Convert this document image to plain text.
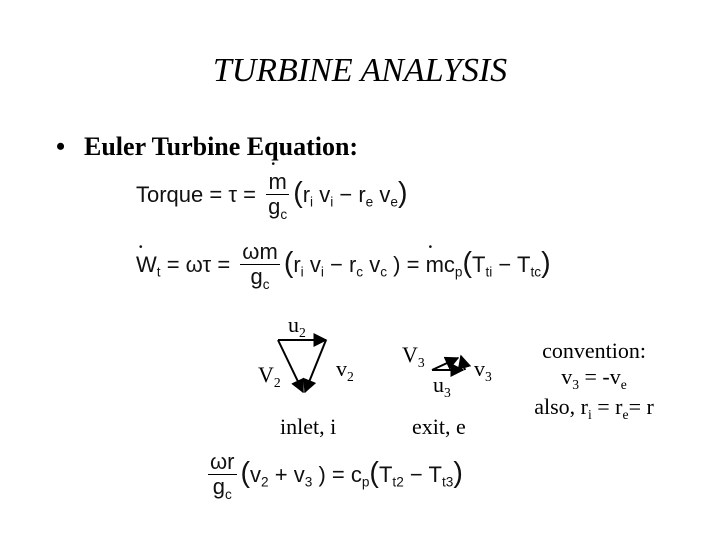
TURBINE ANALYSIS
• Euler Turbine Equation:
Torque = $\tau = \frac{m •}{g_c} (r_i$ $v_i - r_e$ $v_e$)
W $•_t = \omega\tau = \frac{\omega m}{g_c} (r_i$ $v_i - r_c$ $v_c$ ) = m $•c_p(T_{ti} - T_{tc})$
$u_2$
$V_2$
$v_2$
inlet, i
$V_3$
$u_3$
$v_3$
exit, e
convention:
$v_3 = -v_e$
also, $r_i = r_e= r$
$\frac{\omega r}{g_c} (v_2 + v_3$ ) = $c_p(T_{t2} - T_{t3})$
